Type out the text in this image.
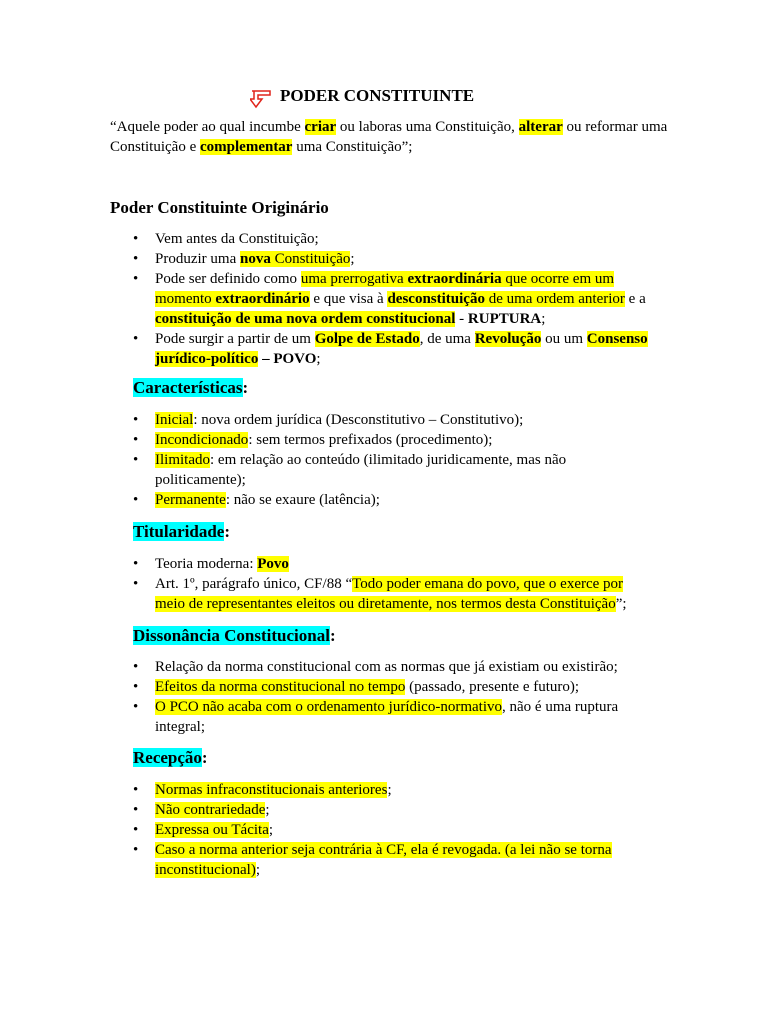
PODER CONSTITUINTE
“Aquele poder ao qual incumbe criar ou laboras uma Constituição, alterar ou reformar uma Constituição e complementar uma Constituição”;
Poder Constituinte Originário
• Vem antes da Constituição;
• Produzir uma nova Constituição;
• Pode ser definido como uma prerrogativa extraordinária que ocorre em um momento extraordinário e que visa à desconstituição de uma ordem anterior e a constituição de uma nova ordem constitucional - RUPTURA;
• Pode surgir a partir de um Golpe de Estado, de uma Revolução ou um Consenso jurídico-político – POVO;
Características:
• Inicial: nova ordem jurídica (Desconstitutivo – Constitutivo);
• Incondicionado: sem termos prefixados (procedimento);
• Ilimitado: em relação ao conteúdo (ilimitado juridicamente, mas não politicamente);
• Permanente: não se exaure (latência);
Titularidade:
• Teoria moderna: Povo
• Art. 1º, parágrafo único, CF/88 “Todo poder emana do povo, que o exerce por meio de representantes eleitos ou diretamente, nos termos desta Constituição”;
Dissonância Constitucional:
• Relação da norma constitucional com as normas que já existiam ou existirão;
• Efeitos da norma constitucional no tempo (passado, presente e futuro);
• O PCO não acaba com o ordenamento jurídico-normativo, não é uma ruptura integral;
Recepção:
• Normas infraconstitucionais anteriores;
• Não contrariedade;
• Expressa ou Tácita;
• Caso a norma anterior seja contrária à CF, ela é revogada. (a lei não se torna inconstitucional);
